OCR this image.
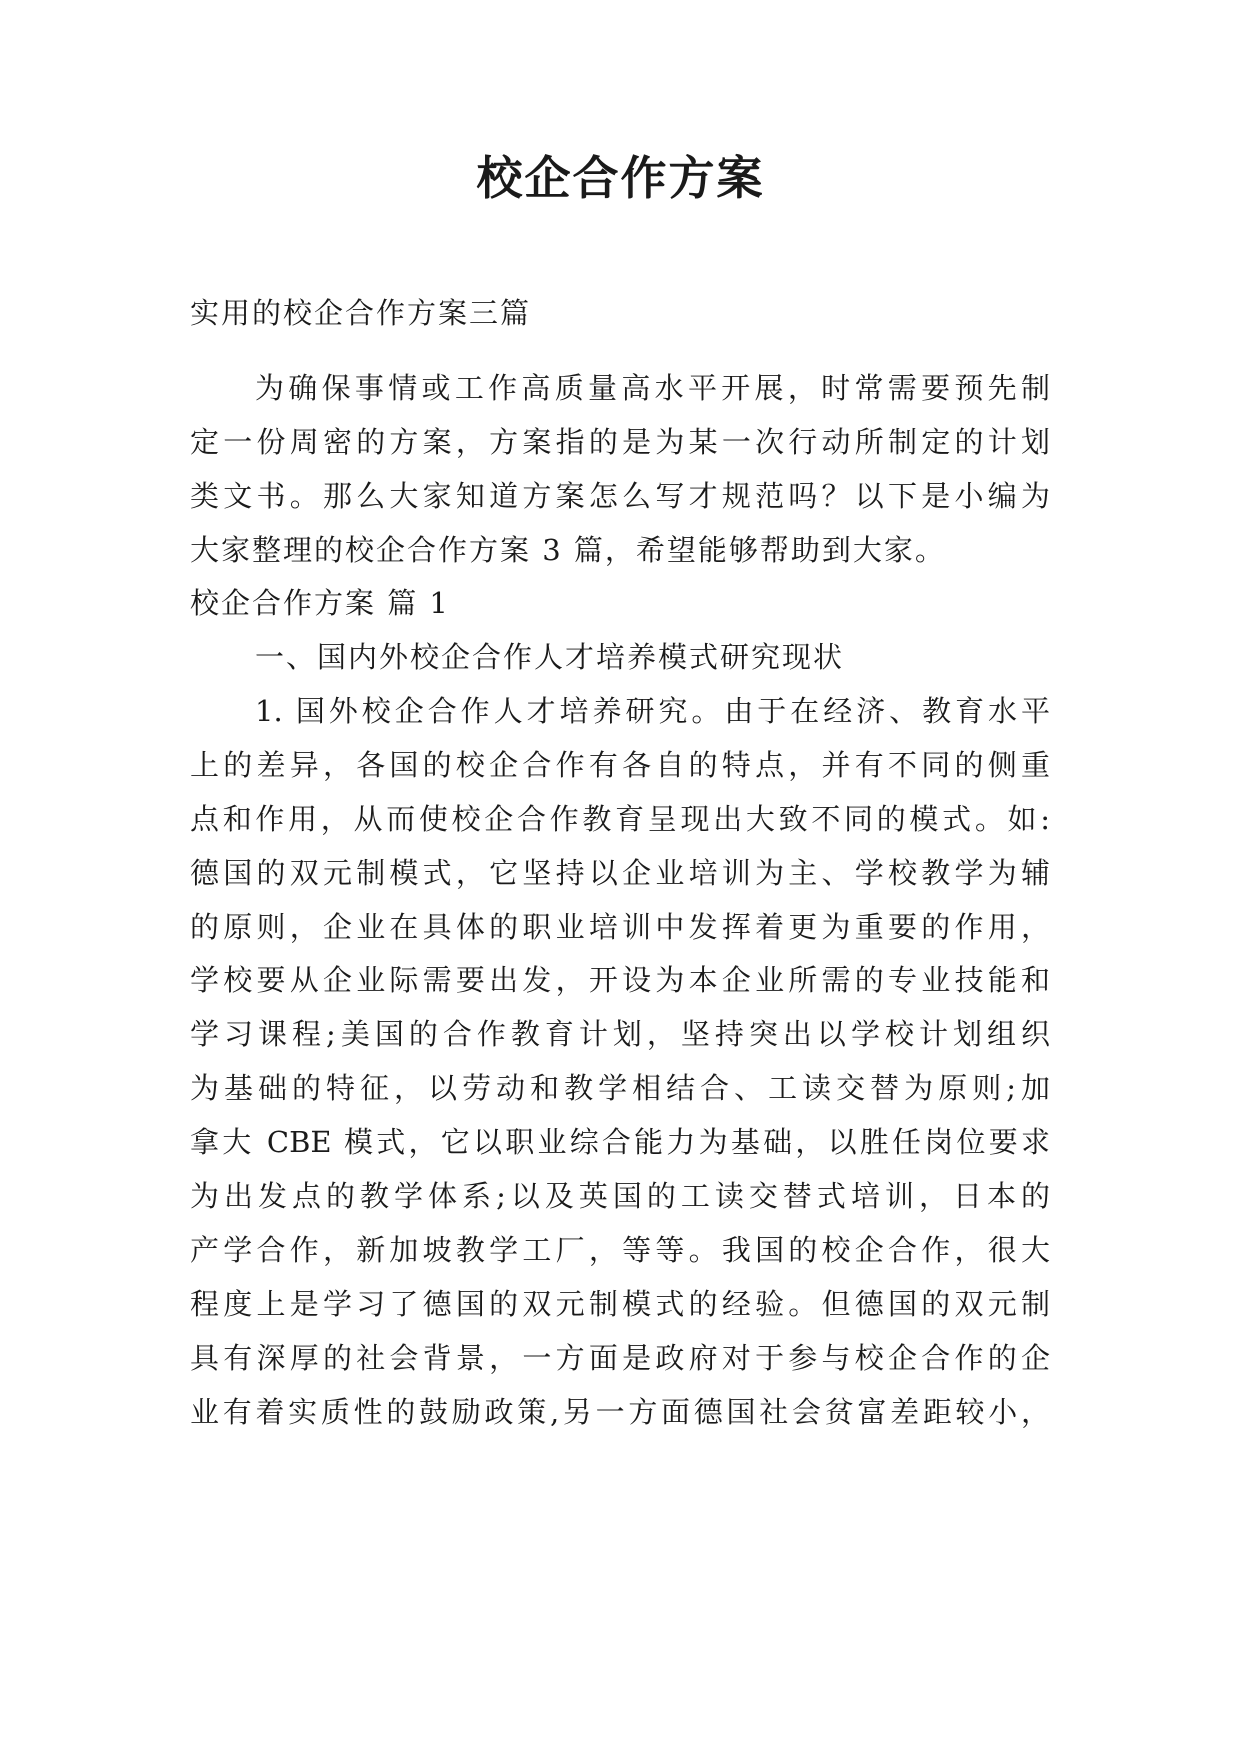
校企合作方案

实用的校企合作方案三篇

为确保事情或工作高质量高水平开展，时常需要预先制

定一份周密的方案，方案指的是为某一次行动所制定的计划

类文书。那么大家知道方案怎么写才规范吗？以下是小编为

大家整理的校企合作方案 3 篇，希望能够帮助到大家。

校企合作方案 篇 1

一、国内外校企合作人才培养模式研究现状

1. 国外校企合作人才培养研究。由于在经济、教育水平

上的差异，各国的校企合作有各自的特点，并有不同的侧重

点和作用，从而使校企合作教育呈现出大致不同的模式。如:

德国的双元制模式，它坚持以企业培训为主、学校教学为辅

的原则，企业在具体的职业培训中发挥着更为重要的作用，

学校要从企业际需要出发，开设为本企业所需的专业技能和

学习课程;美国的合作教育计划，坚持突出以学校计划组织

为基础的特征，以劳动和教学相结合、工读交替为原则;加

拿大 CBE 模式，它以职业综合能力为基础，以胜任岗位要求

为出发点的教学体系;以及英国的工读交替式培训，日本的

产学合作，新加坡教学工厂，等等。我国的校企合作，很大

程度上是学习了德国的双元制模式的经验。但德国的双元制

具有深厚的社会背景，一方面是政府对于参与校企合作的企

业有着实质性的鼓励政策,另一方面德国社会贫富差距较小，
